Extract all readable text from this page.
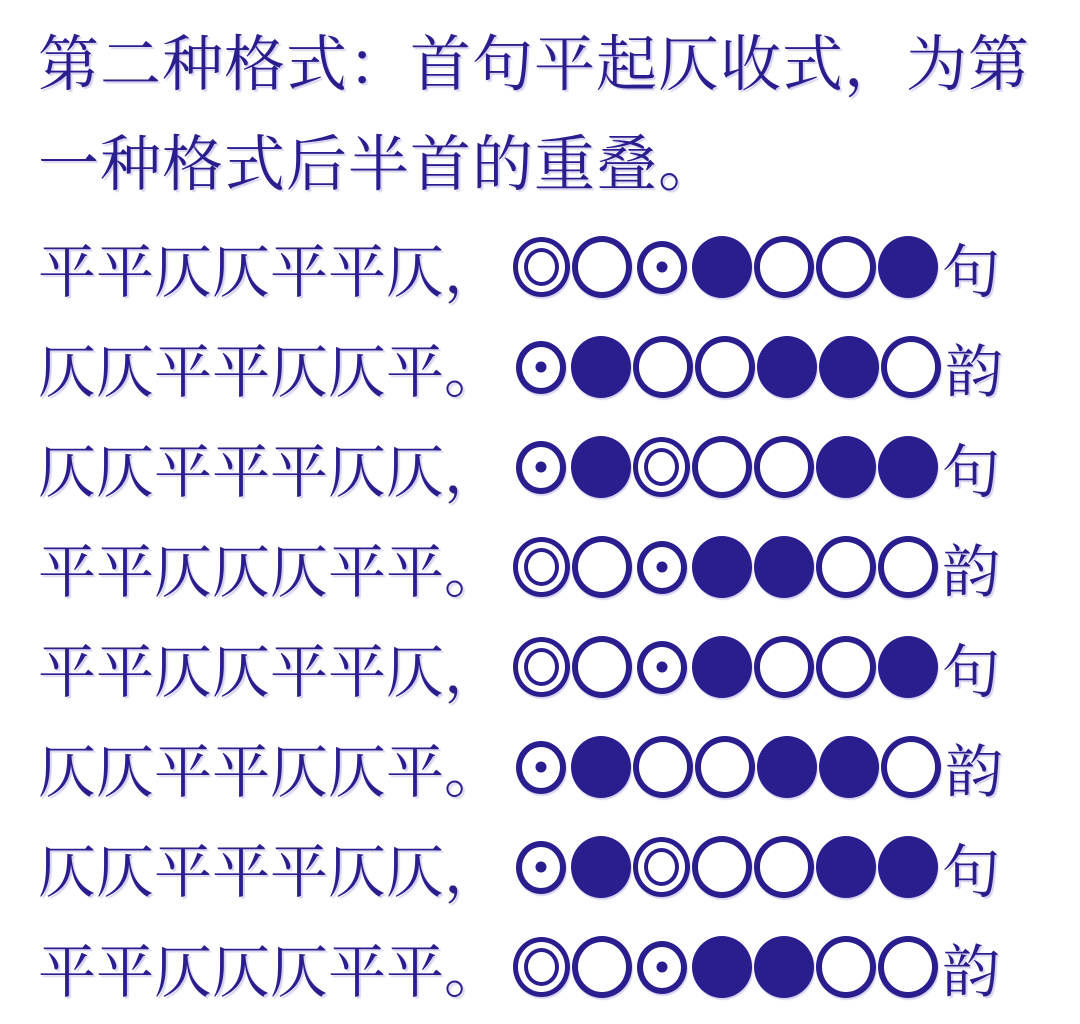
第二种格式：首句平起仄收式，为第
一种格式后半首的重叠。
平平仄仄平平仄，	句
仄仄平平仄仄平。	韵
仄仄平平平仄仄，	句
平平仄仄仄平平。	韵
平平仄仄平平仄，	句
仄仄平平仄仄平。	韵
仄仄平平平仄仄，	句
平平仄仄仄平平。	韵
